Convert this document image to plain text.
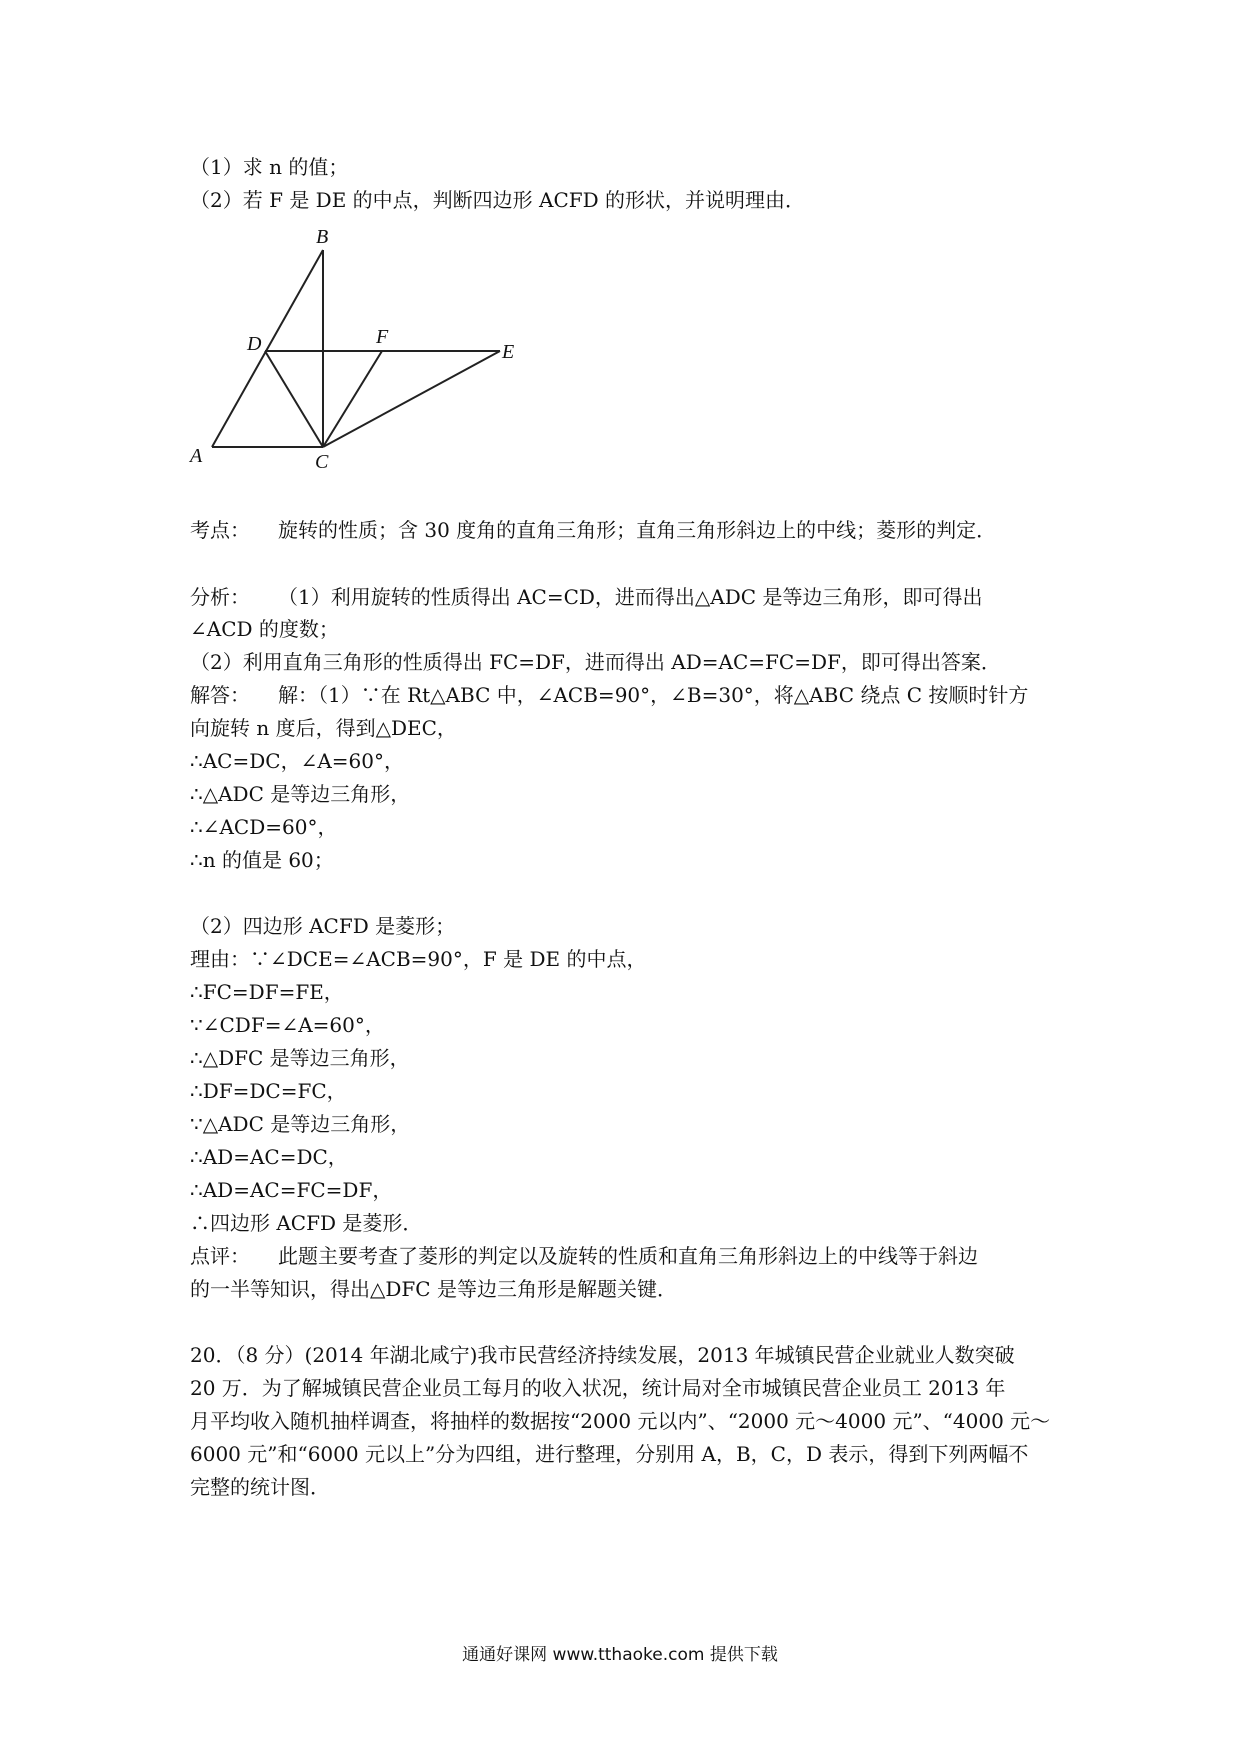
（1）求 n 的值；
（2）若 F 是 DE 的中点，判断四边形 ACFD 的形状，并说明理由．
B
D	F
E
A	C
考点： 旋转的性质；含 30 度角的直角三角形；直角三角形斜边上的中线；菱形的判定．
分析： （1）利用旋转的性质得出 AC=CD，进而得出△ADC 是等边三角形，即可得出
∠ACD 的度数；
（2）利用直角三角形的性质得出 FC=DF，进而得出 AD=AC=FC=DF，即可得出答案．
解答： 解：（1）∵在 Rt△ABC 中，∠ACB=90°，∠B=30°，将△ABC 绕点 C 按顺时针方
向旋转 n 度后，得到△DEC，
∴AC=DC，∠A=60°，
∴△ADC 是等边三角形，
∴∠ACD=60°，
∴n 的值是 60；
（2）四边形 ACFD 是菱形；
理由：∵∠DCE=∠ACB=90°，F 是 DE 的中点，
∴FC=DF=FE，
∵∠CDF=∠A=60°，
∴△DFC 是等边三角形，
∴DF=DC=FC，
∵△ADC 是等边三角形，
∴AD=AC=DC，
∴AD=AC=FC=DF，
∴四边形 ACFD 是菱形．
点评： 此题主要考查了菱形的判定以及旋转的性质和直角三角形斜边上的中线等于斜边
的一半等知识，得出△DFC 是等边三角形是解题关键．
20．（8 分）(2014 年湖北咸宁)我市民营经济持续发展，2013 年城镇民营企业就业人数突破
20 万．为了解城镇民营企业员工每月的收入状况，统计局对全市城镇民营企业员工 2013 年
月平均收入随机抽样调查，将抽样的数据按“2000 元以内”、“2000 元～4000 元”、“4000 元～
6000 元”和“6000 元以上”分为四组，进行整理，分别用 A，B，C，D 表示，得到下列两幅不
完整的统计图．
通通好课网 www.tthaoke.com 提供下载
